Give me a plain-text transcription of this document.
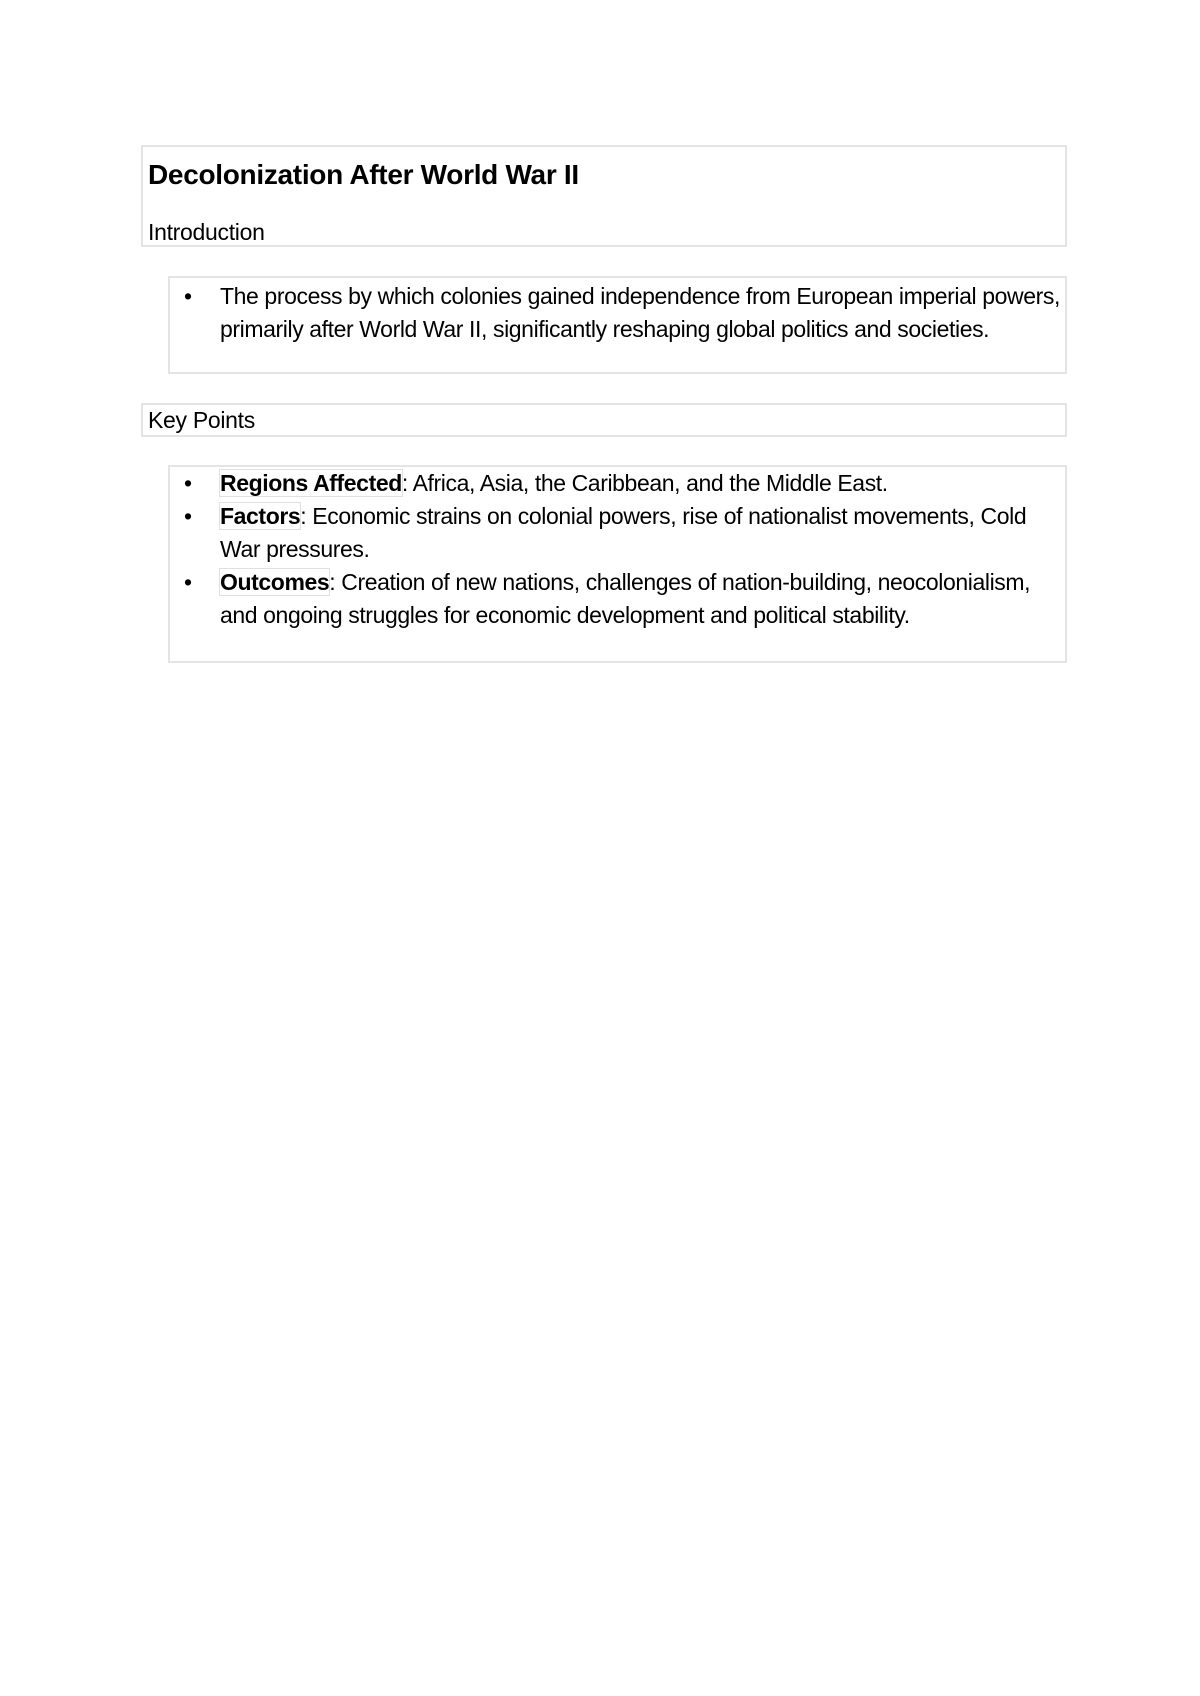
Decolonization After World War II
Introduction
• The process by which colonies gained independence from European imperial powers, primarily after World War II, significantly reshaping global politics and societies.
Key Points
• Regions Affected: Africa, Asia, the Caribbean, and the Middle East.
• Factors: Economic strains on colonial powers, rise of nationalist movements, Cold War pressures.
• Outcomes: Creation of new nations, challenges of nation-building, neocolonialism, and ongoing struggles for economic development and political stability.
